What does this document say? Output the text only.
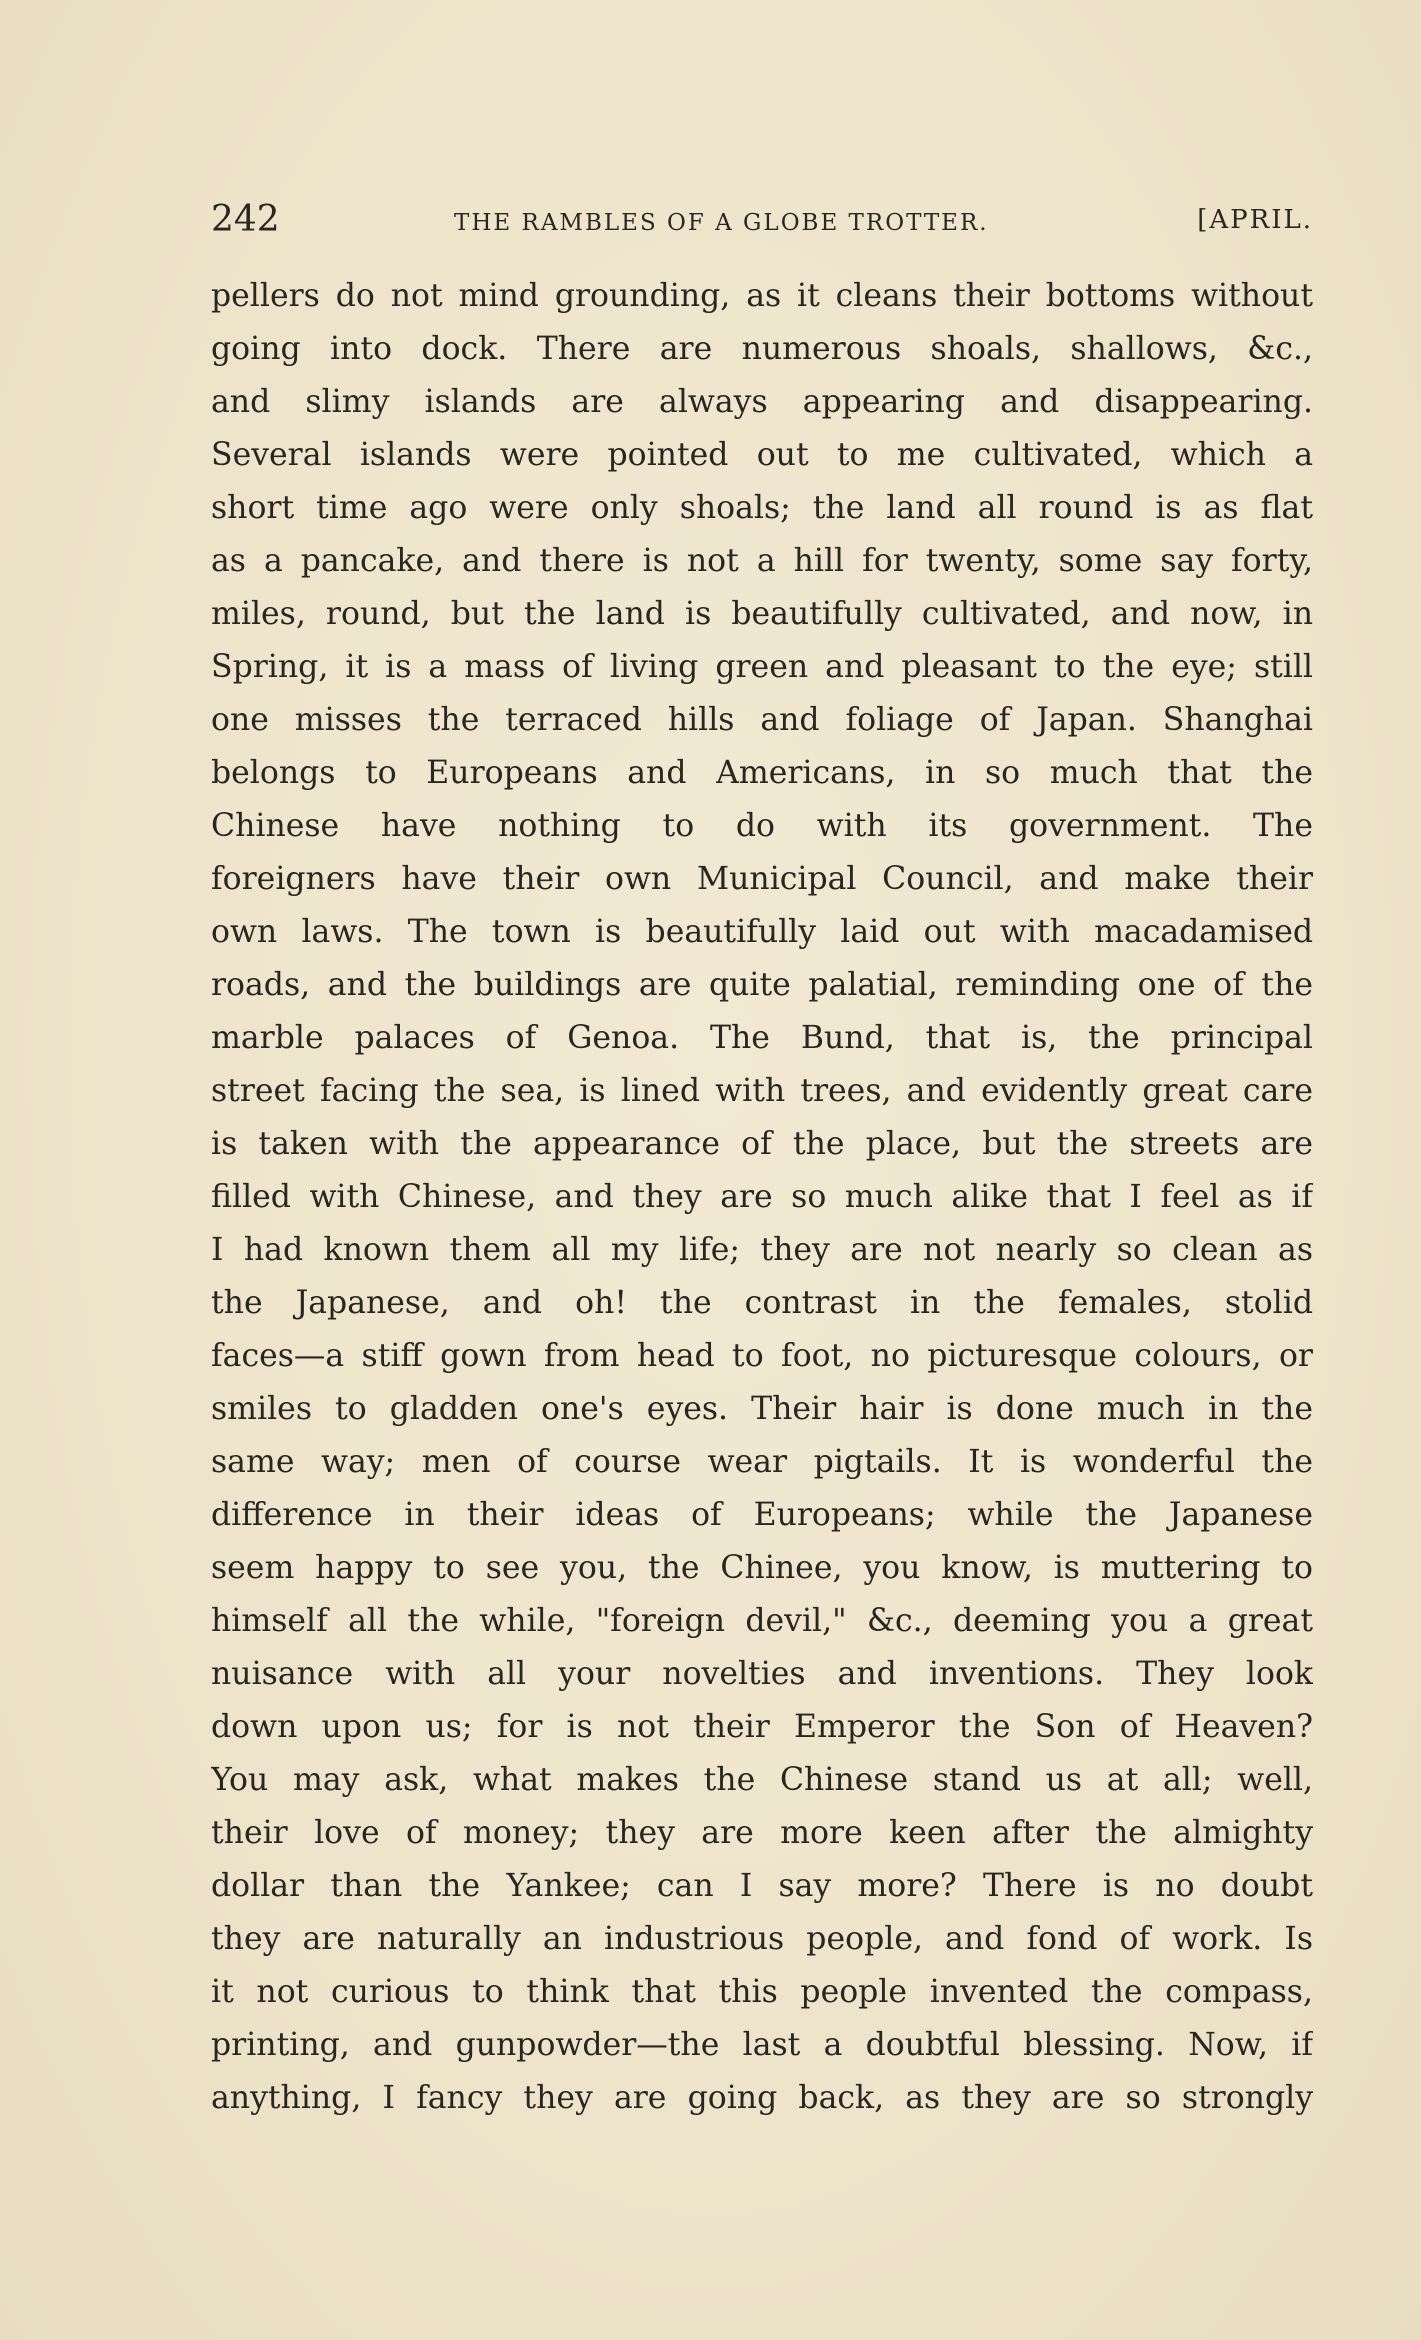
242	THE RAMBLES OF A GLOBE TROTTER.	[APRIL.
pellers do not mind grounding, as it cleans their bottoms without
going into dock. There are numerous shoals, shallows, &c.,
and slimy islands are always appearing and disappearing.
Several islands were pointed out to me cultivated, which a
short time ago were only shoals; the land all round is as flat
as a pancake, and there is not a hill for twenty, some say forty,
miles, round, but the land is beautifully cultivated, and now, in
Spring, it is a mass of living green and pleasant to the eye; still
one misses the terraced hills and foliage of Japan. Shanghai
belongs to Europeans and Americans, in so much that the
Chinese have nothing to do with its government. The
foreigners have their own Municipal Council, and make their
own laws. The town is beautifully laid out with macadamised
roads, and the buildings are quite palatial, reminding one of the
marble palaces of Genoa. The Bund, that is, the principal
street facing the sea, is lined with trees, and evidently great care
is taken with the appearance of the place, but the streets are
filled with Chinese, and they are so much alike that I feel as if
I had known them all my life; they are not nearly so clean as
the Japanese, and oh! the contrast in the females, stolid
faces—a stiff gown from head to foot, no picturesque colours, or
smiles to gladden one's eyes. Their hair is done much in the
same way; men of course wear pigtails. It is wonderful the
difference in their ideas of Europeans; while the Japanese
seem happy to see you, the Chinee, you know, is muttering to
himself all the while, "foreign devil," &c., deeming you a great
nuisance with all your novelties and inventions. They look
down upon us; for is not their Emperor the Son of Heaven?
You may ask, what makes the Chinese stand us at all; well,
their love of money; they are more keen after the almighty
dollar than the Yankee; can I say more? There is no doubt
they are naturally an industrious people, and fond of work. Is
it not curious to think that this people invented the compass,
printing, and gunpowder—the last a doubtful blessing. Now, if
anything, I fancy they are going back, as they are so strongly
